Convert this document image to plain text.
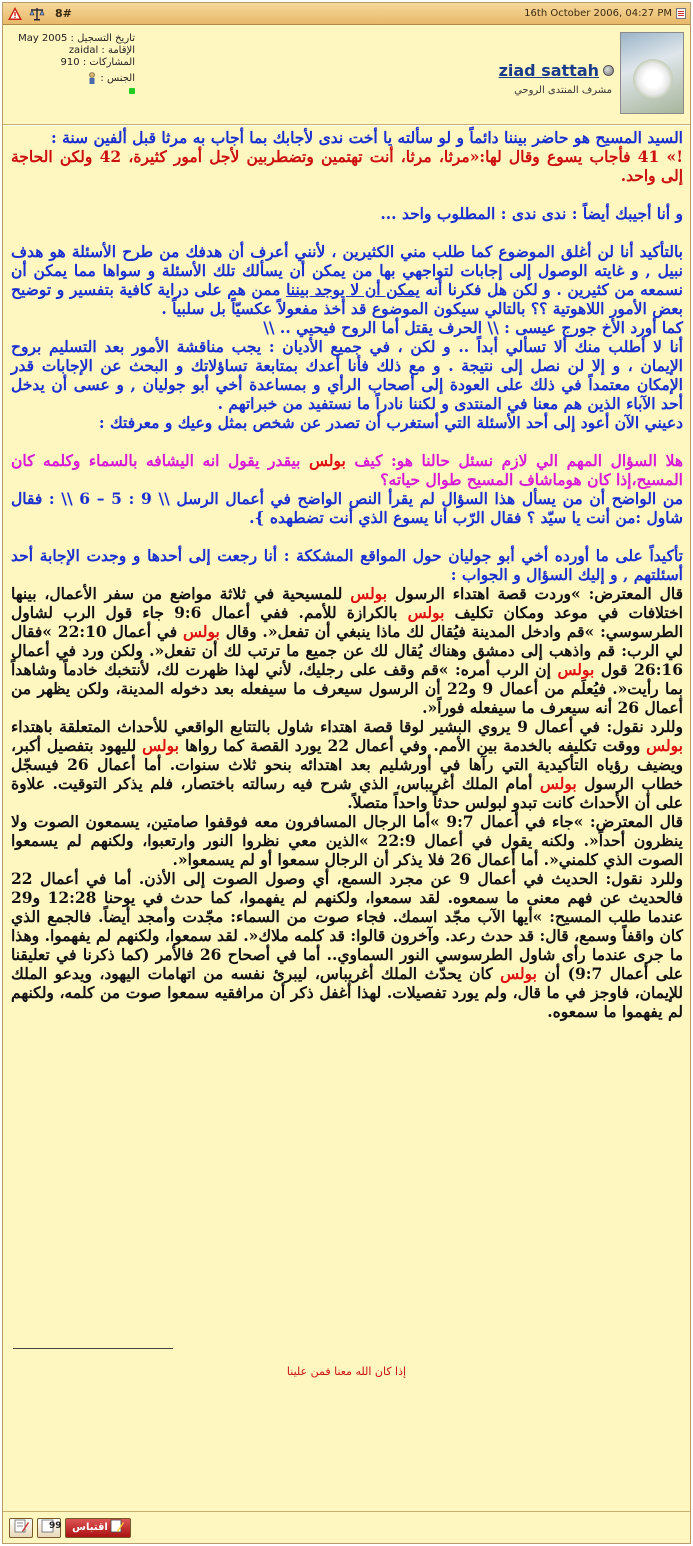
8#	16th October 2006, 04:27 PM
تاريخ التسجيل : May 2005
الإقامة : zaidal
المشاركات : 910
الجنس :	ziad sattah
مشرف المنتدى الروحي

السيد المسيح هو حاضر بيننا دائماً و لو سألته يا أخت ندى لأجابك بما أجاب به مرثا قبل ألفين سنة :

!» 41 فأجاب يسوع وقال لها:«مرثا، مرثا، أنت تهتمين وتضطربين لأجل أمور كثيرة، 42 ولكن الحاجة إلى واحد.

و أنا أجيبك أيضاً : ندى ندى : المطلوب واحد ...

بالتأكيد أنا لن أغلق الموضوع كما طلب مني الكثيرين ، لأنني أعرف أن هدفك من طرح الأسئلة هو هدف نبيل , و غايته الوصول إلى إجابات لتواجهي بها من يمكن أن يسألك تلك الأسئلة و سواها مما يمكن أن نسمعه من كثيرين . و لكن هل فكرنا أنه يمكن أن لا يوجد بيننا ممن هم على دراية كافية بتفسير و توضيح بعض الأمور اللاهوتية ؟؟ بالتالي سيكون الموضوع قد أخذ مفعولاً عكسيّاً بل سلبياً .

كما أورد الأخ جورج عيسى : \\ الحرف يقتل أما الروح فيحيي .. \\

أنا لا أطلب منك ألا تسألي أبداً .. و لكن ، في جميع الأديان : يجب مناقشة الأمور بعد التسليم بروح الإيمان ، و إلا لن نصل إلى نتيجة . و مع ذلك فأنا أعدك بمتابعة تساؤلاتك و البحث عن الإجابات قدر الإمكان معتمداً في ذلك على العودة إلى أصحاب الرأي و بمساعدة أخي أبو جوليان , و عسى أن يدخل أحد الآباء الذين هم معنا في المنتدى و لكننا نادراً ما نستفيد من خبراتهم .

دعيني الآن أعود إلى أحد الأسئلة التي أستغرب أن تصدر عن شخص بمثل وعيك و معرفتك :

هلا السؤال المهم الي لازم نسئل حالنا هو: كيف بولس بيقدر يقول انه اليشافه بالسماء وكلمه كان المسيح،إذا كان هوماشاف المسيح طوال حياته؟

من الواضح أن من يسأل هذا السؤال لم يقرأ النص الواضح في أعمال الرسل \\ 9 : 5 – 6 \\ : فقال شاول :من أنت يا سيّد ؟ فقال الرّب أنا يسوع الذي أنت تضطهده }.

تأكيداً على ما أورده أخي أبو جوليان حول المواقع المشككة : أنا رجعت إلى أحدها و وجدت الإجابة أحد أسئلتهم , و إليك السؤال و الجواب :

قال المعترض: »وردت قصة اهتداء الرسول بولس للمسيحية في ثلاثة مواضع من سفر الأعمال، بينها اختلافات في موعد ومكان تكليف بولس بالكرازة للأمم. ففي أعمال 9:6 جاء قول الرب لشاول الطرسوسي: »قم وادخل المدينة فيُقال لك ماذا ينبغي أن تفعل«. وقال بولس في أعمال 22:10 »فقال لي الرب: قم واذهب إلى دمشق وهناك يُقال لك عن جميع ما ترتب لك أن تفعل«. ولكن ورد في أعمال 26:16 قول بولس إن الرب أمره: »قم وقف على رجليك، لأني لهذا ظهرت لك، لأنتخبك خادماً وشاهداً بما رأيت«. فيُعلَم من أعمال 9 و22 أن الرسول سيعرف ما سيفعله بعد دخوله المدينة، ولكن يظهر من أعمال 26 أنه سيعرف ما سيفعله فوراً«.

وللرد نقول: في أعمال 9 يروي البشير لوقا قصة اهتداء شاول بالتتابع الواقعي للأحداث المتعلقة باهتداء بولس ووقت تكليفه بالخدمة بين الأمم. وفي أعمال 22 يورد القصة كما رواها بولس لليهود بتفصيل أكبر، ويضيف رؤياه التأكيدية التي رآها في أورشليم بعد اهتدائه بنحو ثلاث سنوات. أما أعمال 26 فيسجّل خطاب الرسول بولس أمام الملك أغريباس، الذي شرح فيه رسالته باختصار، فلم يذكر التوقيت. علاوة على أن الأحداث كانت تبدو لبولس حدثاً واحداً متصلاً.

قال المعترض: »جاء في أعمال 9:7 »أما الرجال المسافرون معه فوقفوا صامتين، يسمعون الصوت ولا ينظرون أحداً«. ولكنه يقول في أعمال 22:9 »الذين معي نظروا النور وارتعبوا، ولكنهم لم يسمعوا الصوت الذي كلمني«. أما أعمال 26 فلا يذكر أن الرجال سمعوا أو لم يسمعوا«.

وللرد نقول: الحديث في أعمال 9 عن مجرد السمع، أي وصول الصوت إلى الأذن. أما في أعمال 22 فالحديث عن فهم معنى ما سمعوه. لقد سمعوا، ولكنهم لم يفهموا، كما حدث في يوحنا 12:28 و29 عندما طلب المسيح: »أيها الآب مجّد اسمك. فجاء صوت من السماء: مجّدت وأمجد أيضاً. فالجمع الذي كان واقفاً وسمع، قال: قد حدث رعد. وآخرون قالوا: قد كلمه ملاك«. لقد سمعوا، ولكنهم لم يفهموا. وهذا ما جرى عندما رأى شاول الطرسوسي النور السماوي.. أما في أصحاح 26 فالأمر (كما ذكرنا في تعليقنا على أعمال 9:7) أن بولس كان يحدّث الملك أغريباس، ليبرئ نفسه من اتهامات اليهود، ويدعو الملك للإيمان، فاوجز في ما قال، ولم يورد تفصيلات. لهذا أغفل ذكر أن مرافقيه سمعوا صوت من كلمه، ولكنهم لم يفهموا ما سمعوه.

إذا كان الله معنا فمن علينا
99 اقتباس
